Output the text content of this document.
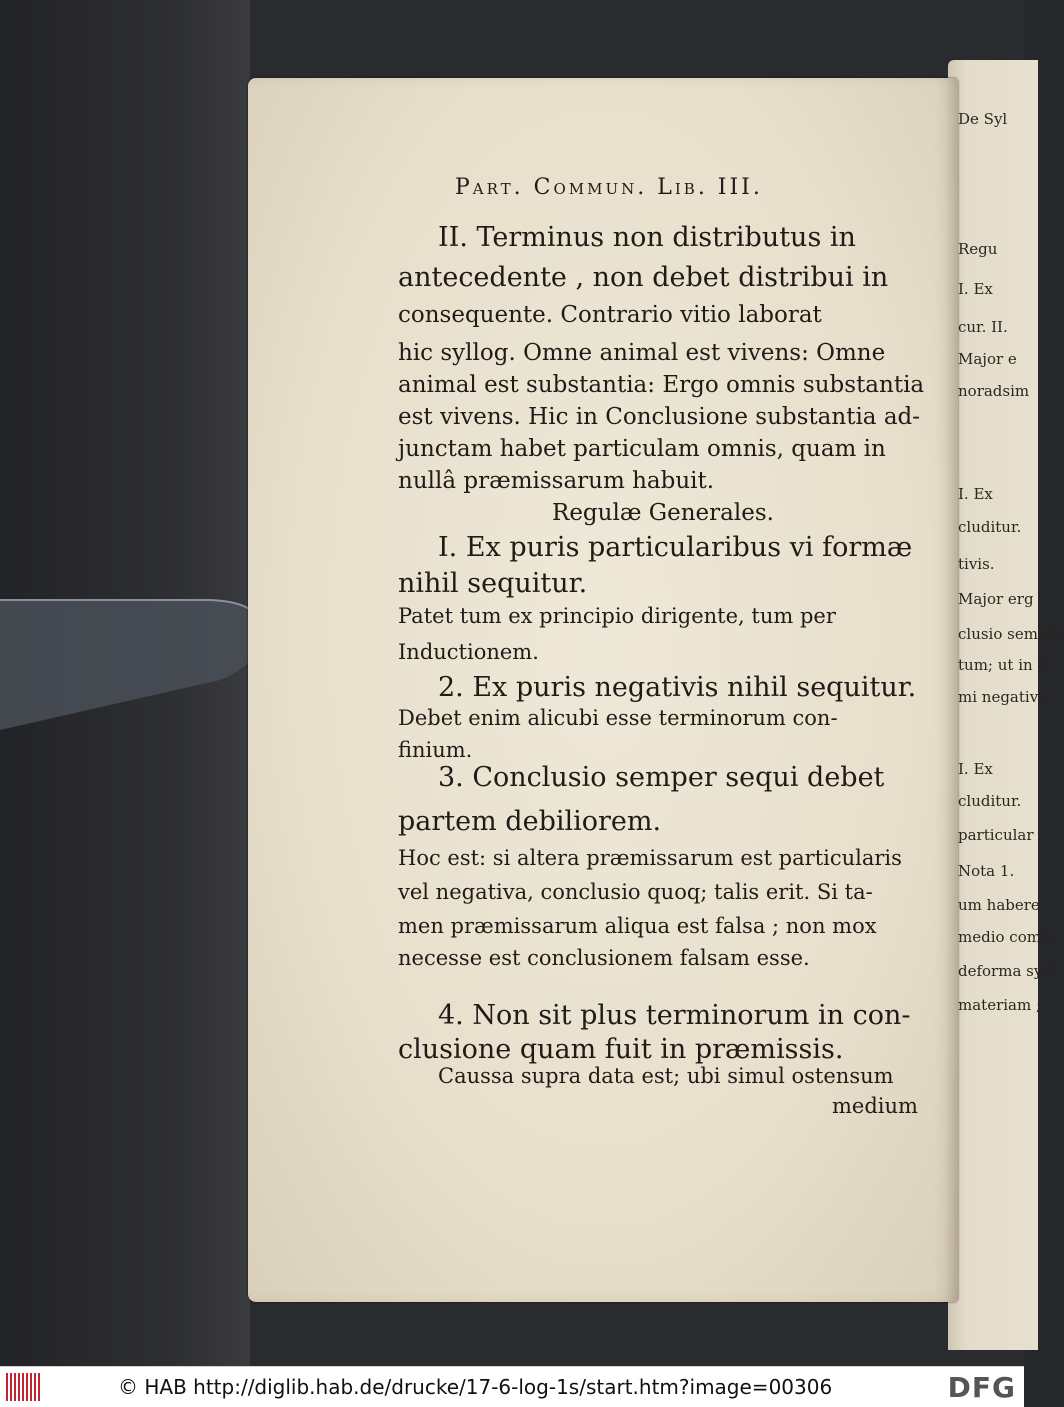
De Syl
Regu
I. Ex
cur. II.
Major e
noradsim
I. Ex
cluditur.
tivis.
Major erg
clusio semper
tum; ut in h
mi negativi
I. Ex
cluditur.
particular
Nota 1.
um habere
medio comn
deforma syll
materiam ;
Part. Commun. Lib. III.
II. Terminus non distributus in
antecedente , non debet distribui in
consequente. Contrario vitio laborat
hic syllog. Omne animal est vivens: Omne
animal est substantia: Ergo omnis substantia
est vivens. Hic in Conclusione substantia ad-
junctam habet particulam omnis, quam in
nullâ præmissarum habuit.
Regulæ Generales.
I. Ex puris particularibus vi formæ
nihil sequitur.
Patet tum ex principio dirigente, tum per
Inductionem.
2. Ex puris negativis nihil sequitur.
Debet enim alicubi esse terminorum con-
finium.
3. Conclusio semper sequi debet
partem debiliorem.
Hoc est: si altera præmissarum est particularis
vel negativa, conclusio quoq; talis erit. Si ta-
men præmissarum aliqua est falsa ; non mox
necesse est conclusionem falsam esse.
4. Non sit plus terminorum in con-
clusione quam fuit in præmissis.
Caussa supra data est; ubi simul ostensum
medium
© HAB http://diglib.hab.de/drucke/17-6-log-1s/start.htm?image=00306	DFG
